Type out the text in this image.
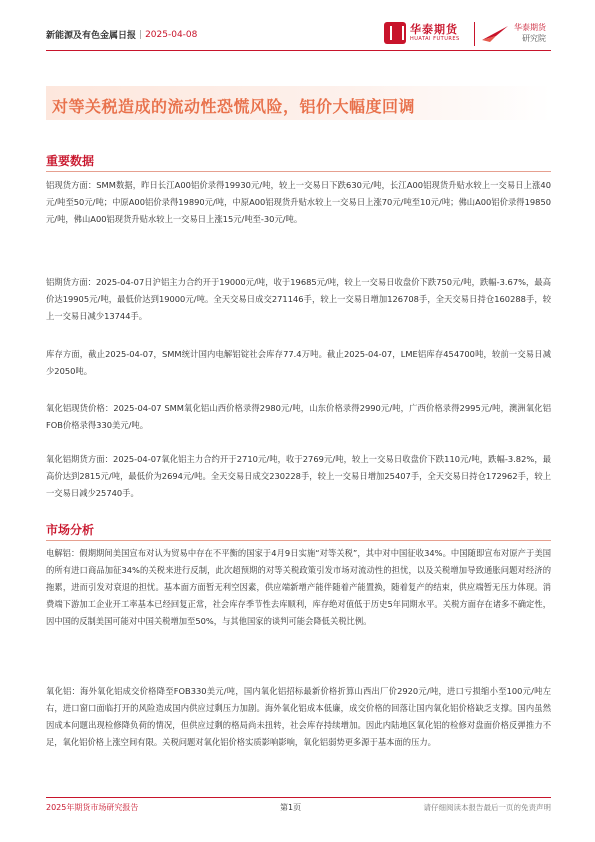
新能源及有色金属日报 | 2025-04-08	华泰期货
HUATAI FUTURES
华泰期货
研究院
对等关税造成的流动性恐慌风险，铝价大幅度回调
重要数据
铝现货方面：SMM数据，昨日长江A00铝价录得19930元/吨，较上一交易日下跌630元/吨，长江A00铝现货升贴水较上一交易日上涨40元/吨至50元/吨；中原A00铝价录得19890元/吨，中原A00铝现货升贴水较上一交易日上涨70元/吨至10元/吨；佛山A00铝价录得19850元/吨，佛山A00铝现货升贴水较上一交易日上涨15元/吨至-30元/吨。
铝期货方面：2025-04-07日沪铝主力合约开于19000元/吨，收于19685元/吨，较上一交易日收盘价下跌750元/吨，跌幅-3.67%，最高价达19905元/吨，最低价达到19000元/吨。全天交易日成交271146手，较上一交易日增加126708手，全天交易日持仓160288手，较上一交易日减少13744手。
库存方面，截止2025-04-07，SMM统计国内电解铝锭社会库存77.4万吨。截止2025-04-07，LME铝库存454700吨，较前一交易日减少2050吨。
氧化铝现货价格：2025-04-07 SMM氧化铝山西价格录得2980元/吨，山东价格录得2990元/吨，广西价格录得2995元/吨，澳洲氧化铝FOB价格录得330美元/吨。
氧化铝期货方面：2025-04-07氧化铝主力合约开于2710元/吨，收于2769元/吨，较上一交易日收盘价下跌110元/吨，跌幅-3.82%，最高价达到2815元/吨，最低价为2694元/吨。全天交易日成交230228手，较上一交易日增加25407手，全天交易日持仓172962手，较上一交易日减少25740手。
市场分析
电解铝：假期期间美国宣布对认为贸易中存在不平衡的国家于4月9日实施“对等关税”，其中对中国征收34%。中国随即宣布对原产于美国的所有进口商品加征34%的关税来进行反制，此次超预期的对等关税政策引发市场对流动性的担忧，以及关税增加导致通胀问题对经济的拖累，进而引发对衰退的担忧。基本面方面暂无利空因素，供应端新增产能伴随着产能置换，随着复产的结束，供应端暂无压力体现。消费端下游加工企业开工率基本已经回复正常，社会库存季节性去库顺利，库存绝对值低于历史5年同期水平。关税方面存在诸多不确定性，因中国的反制美国可能对中国关税增加至50%，与其他国家的谈判可能会降低关税比例。
氧化铝：海外氧化铝成交价格降至FOB330美元/吨，国内氧化铝招标最新价格折算山西出厂价2920元/吨，进口亏损缩小至100元/吨左右，进口窗口面临打开的风险造成国内供应过剩压力加剧。海外氧化铝成本低廉，成交价格的回落让国内氧化铝价格缺乏支撑。国内虽然因成本问题出现检修降负荷的情况，但供应过剩的格局尚未扭转，社会库存持续增加。因此内陆地区氧化铝的检修对盘面价格反弹推力不足，氧化铝价格上涨空间有限。关税问题对氧化铝价格实质影响影响，氧化铝弱势更多源于基本面的压力。
2025年期货市场研究报告	第1页	请仔细阅读本报告最后一页的免责声明
